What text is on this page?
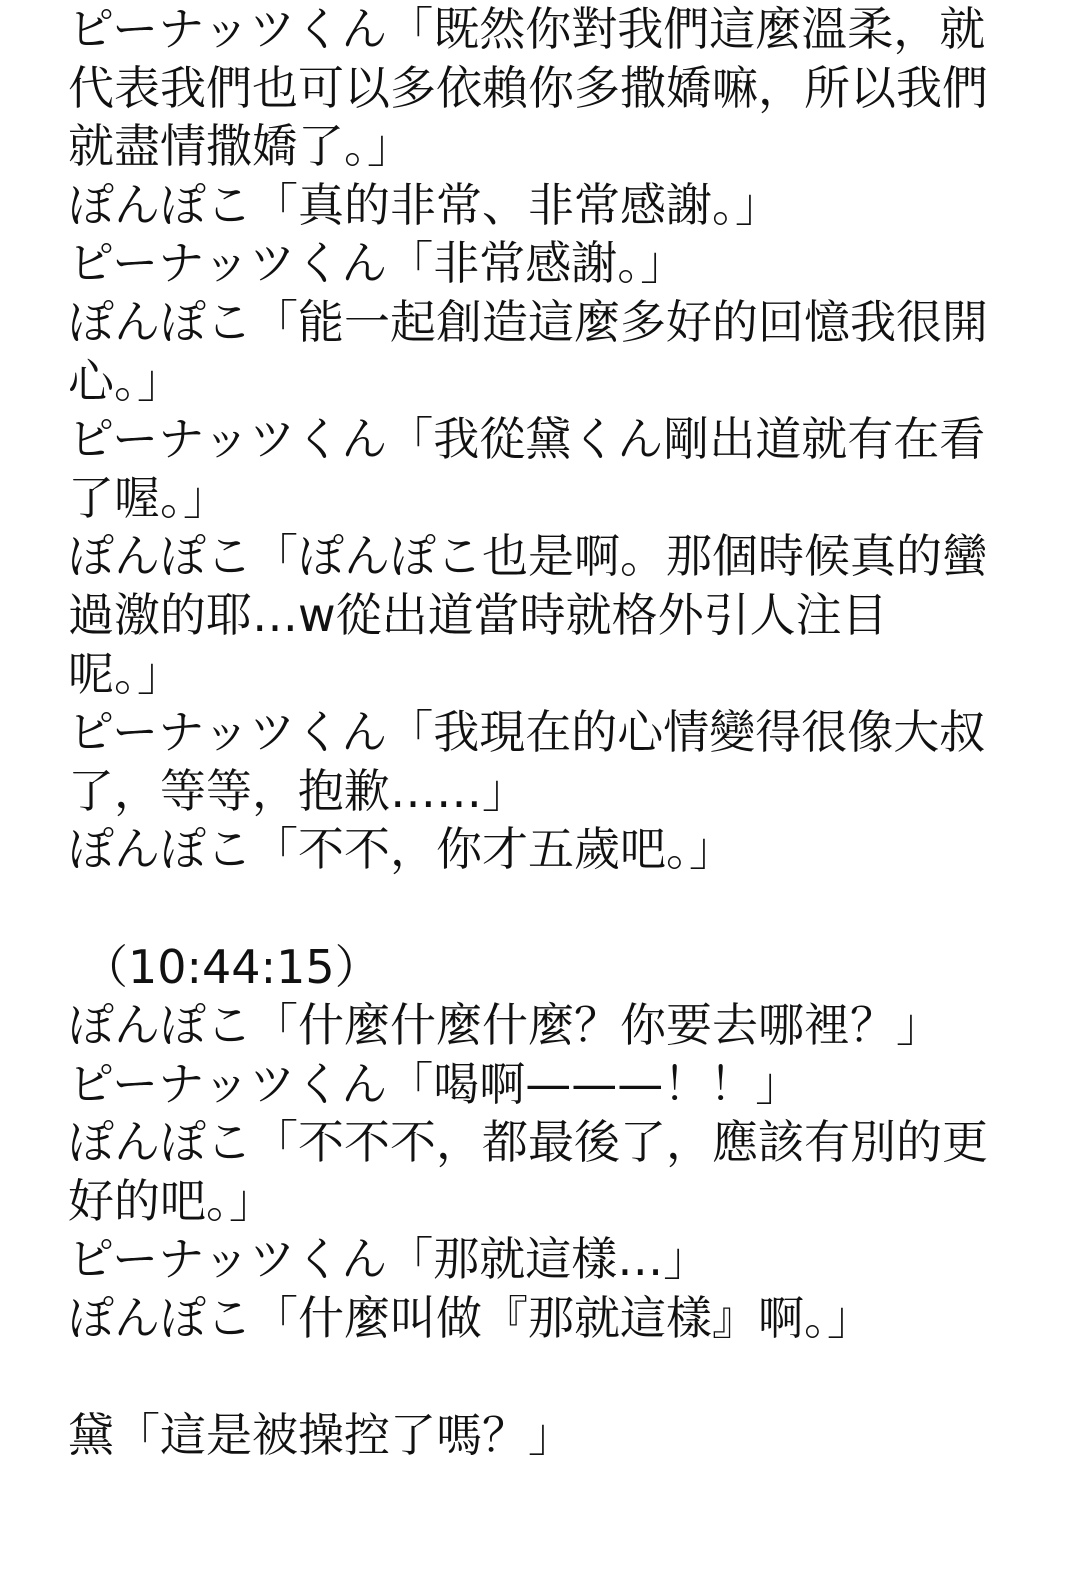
ピーナッツくん「既然你對我們這麼溫柔，就
代表我們也可以多依賴你多撒嬌嘛，所以我們
就盡情撒嬌了。」
ぽんぽこ「真的非常、非常感謝。」
ピーナッツくん「非常感謝。」
ぽんぽこ「能一起創造這麼多好的回憶我很開
心。」
ピーナッツくん「我從黛くん剛出道就有在看
了喔。」
ぽんぽこ「ぽんぽこ也是啊。那個時候真的蠻
過激的耶…w從出道當時就格外引人注目
呢。」
ピーナッツくん「我現在的心情變得很像大叔
了，等等，抱歉……」
ぽんぽこ「不不，你才五歲吧。」
（10:44:15）
ぽんぽこ「什麼什麼什麼？你要去哪裡？」
ピーナッツくん「喝啊———！！」
ぽんぽこ「不不不，都最後了，應該有別的更
好的吧。」
ピーナッツくん「那就這樣…」
ぽんぽこ「什麼叫做『那就這樣』啊。」
黛「這是被操控了嗎？」
